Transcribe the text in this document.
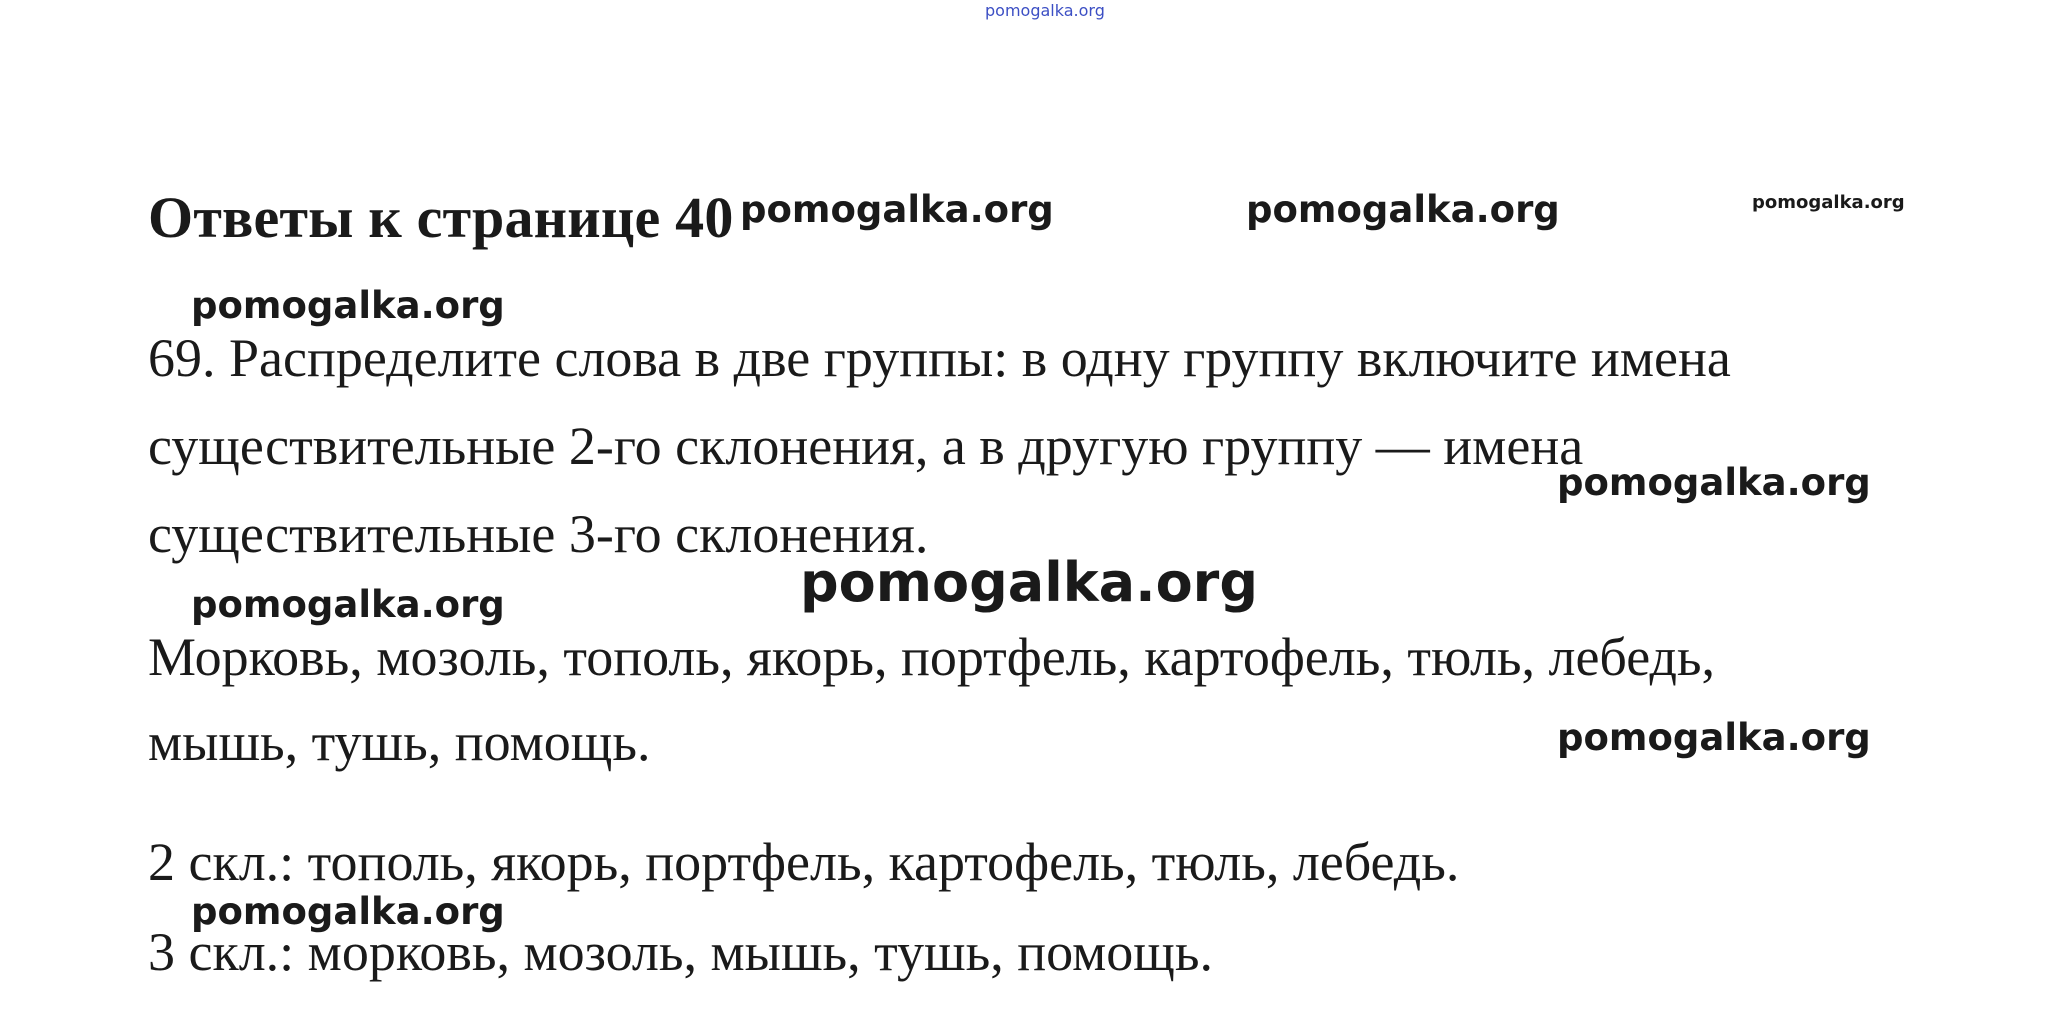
pomogalka.org
Ответы к странице 40 pomogalka.org	pomogalka.org	pomogalka.org
pomogalka.org
69. Распределите слова в две группы: в одну группу включите имена
существительные 2-го склонения, а в другую группу — имена
pomogalka.org
существительные 3-го склонения.
pomogalka.org
pomogalka.org
Морковь, мозоль, тополь, якорь, портфель, картофель, тюль, лебедь,
мышь, тушь, помощь.	pomogalka.org
2 скл.: тополь, якорь, портфель, картофель, тюль, лебедь.
pomogalka.org
3 скл.: морковь, мозоль, мышь, тушь, помощь.
